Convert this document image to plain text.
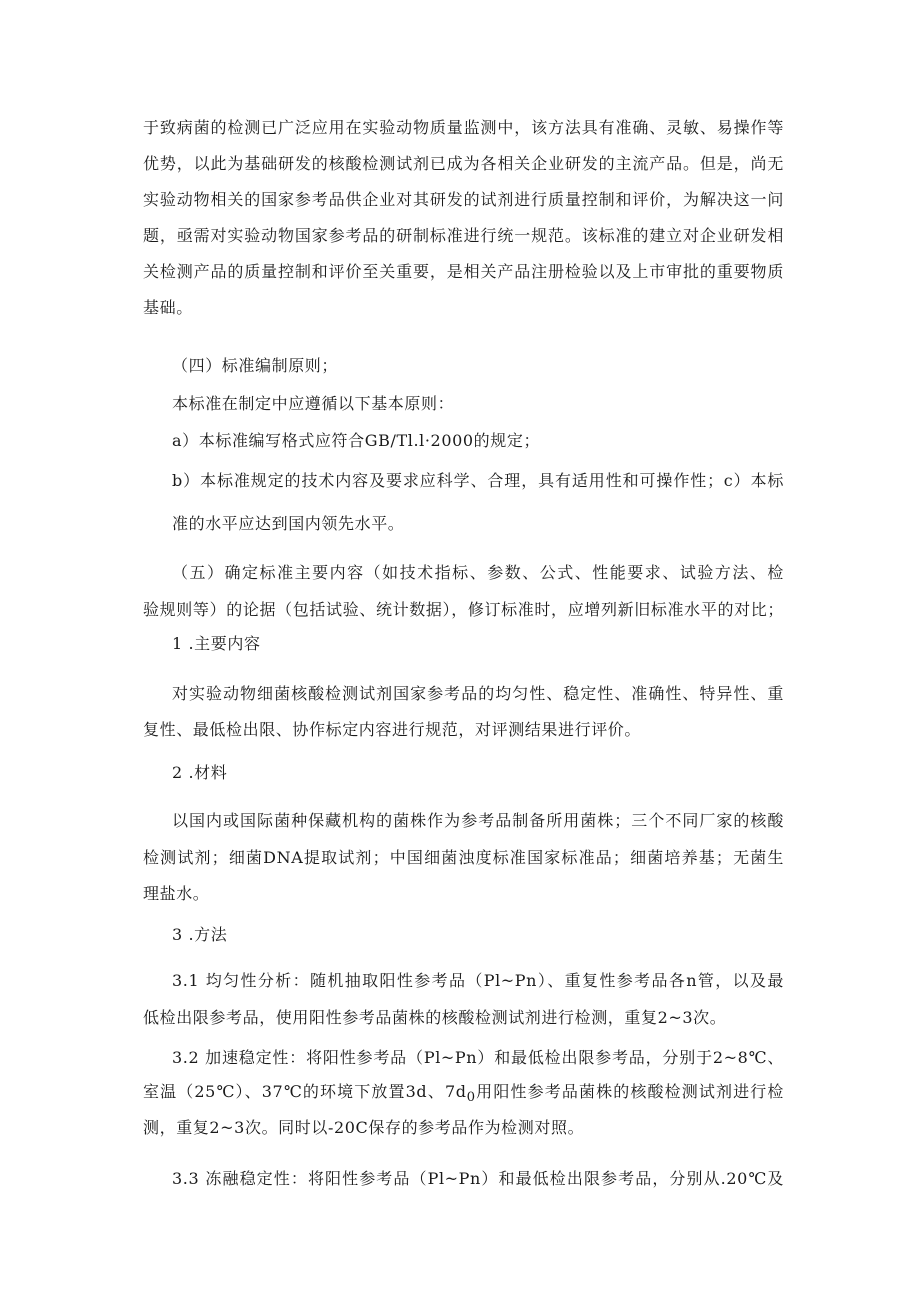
于致病菌的检测已广泛应用在实验动物质量监测中，该方法具有准确、灵敏、易操作等
优势，以此为基础研发的核酸检测试剂已成为各相关企业研发的主流产品。但是，尚无
实验动物相关的国家参考品供企业对其研发的试剂进行质量控制和评价，为解决这一问
题，亟需对实验动物国家参考品的研制标准进行统一规范。该标准的建立对企业研发相
关检测产品的质量控制和评价至关重要，是相关产品注册检验以及上市审批的重要物质
基础。
（四）标准编制原则；
本标准在制定中应遵循以下基本原则：
a）本标准编写格式应符合GB/Tl.l·2000的规定；
b）本标准规定的技术内容及要求应科学、合理，具有适用性和可操作性；c）本标
准的水平应达到国内领先水平。
（五）确定标准主要内容（如技术指标、参数、公式、性能要求、试验方法、检
验规则等）的论据（包括试验、统计数据），修订标准时，应增列新旧标准水平的对比；
1 .主要内容
对实验动物细菌核酸检测试剂国家参考品的均匀性、稳定性、准确性、特异性、重
复性、最低检出限、协作标定内容进行规范，对评测结果进行评价。
2 .材料
以国内或国际菌种保藏机构的菌株作为参考品制备所用菌株；三个不同厂家的核酸
检测试剂；细菌DNA提取试剂；中国细菌浊度标准国家标准品；细菌培养基；无菌生
理盐水。
3 .方法
3.1 均匀性分析：随机抽取阳性参考品（Pl~Pn）、重复性参考品各n管，以及最
低检出限参考品，使用阳性参考品菌株的核酸检测试剂进行检测，重复2~3次。
3.2 加速稳定性：将阳性参考品（Pl~Pn）和最低检出限参考品，分别于2~8℃、
室温（25℃）、37℃的环境下放置3d、$7d_0$用阳性参考品菌株的核酸检测试剂进行检
测，重复2~3次。同时以-20C保存的参考品作为检测对照。
3.3 冻融稳定性：将阳性参考品（Pl~Pn）和最低检出限参考品，分别从.20℃及
